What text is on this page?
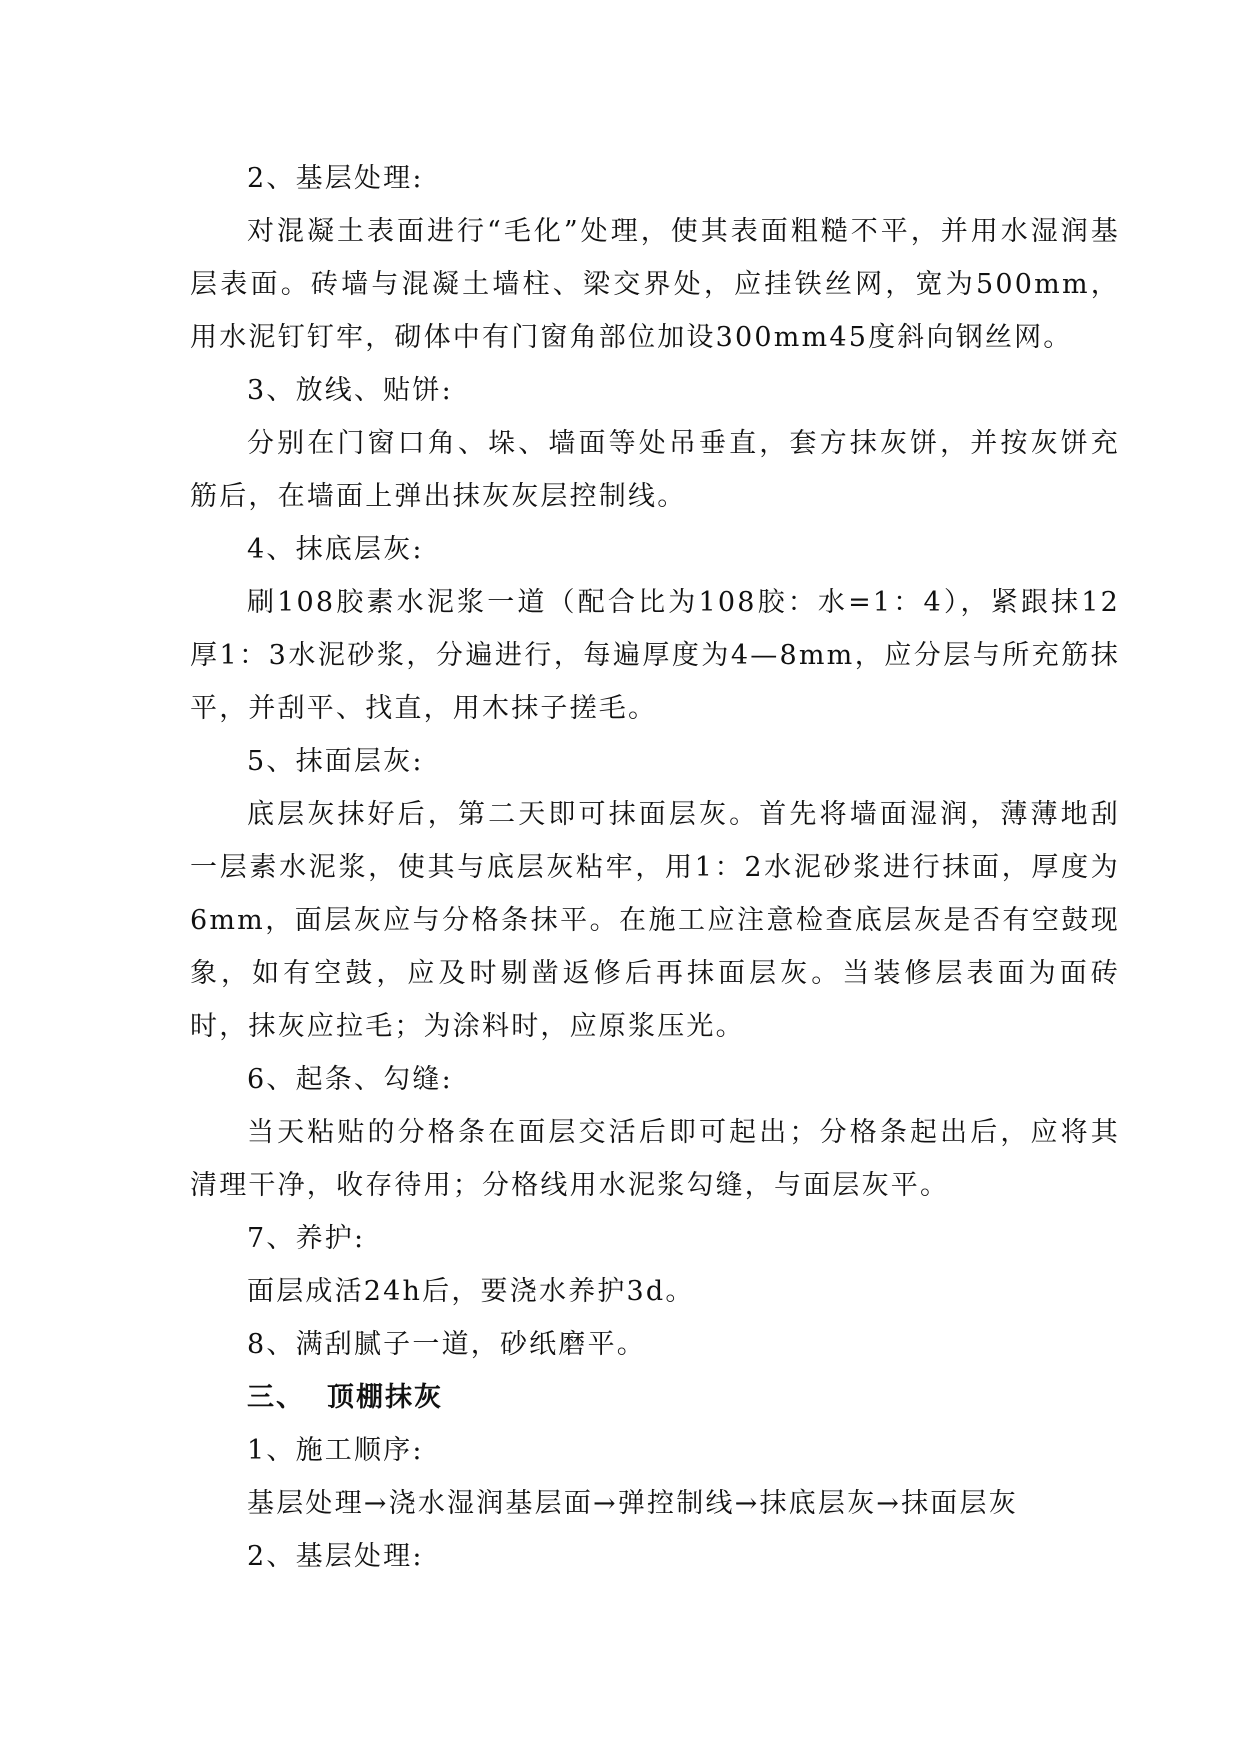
2、基层处理:

对混凝土表面进行“毛化”处理，使其表面粗糙不平，并用水湿润基层表面。砖墙与混凝土墙柱、梁交界处，应挂铁丝网，宽为500mm，用水泥钉钉牢，砌体中有门窗角部位加设300mm45度斜向钢丝网。

3、放线、贴饼:

分别在门窗口角、垛、墙面等处吊垂直，套方抹灰饼，并按灰饼充筋后，在墙面上弹出抹灰灰层控制线。

4、抹底层灰:

刷108胶素水泥浆一道（配合比为108胶：水=1：4），紧跟抹12厚1：3水泥砂浆，分遍进行，每遍厚度为4—8mm，应分层与所充筋抹平，并刮平、找直，用木抹子搓毛。

5、抹面层灰:

底层灰抹好后，第二天即可抹面层灰。首先将墙面湿润，薄薄地刮一层素水泥浆，使其与底层灰粘牢，用1：2水泥砂浆进行抹面，厚度为6mm，面层灰应与分格条抹平。在施工应注意检查底层灰是否有空鼓现象，如有空鼓，应及时剔凿返修后再抹面层灰。当装修层表面为面砖时，抹灰应拉毛；为涂料时，应原浆压光。

6、起条、勾缝:

当天粘贴的分格条在面层交活后即可起出；分格条起出后，应将其清理干净，收存待用；分格线用水泥浆勾缝，与面层灰平。

7、养护:

面层成活24h后，要浇水养护3d。

8、满刮腻子一道，砂纸磨平。

三、 顶棚抹灰

1、施工顺序:

基层处理→浇水湿润基层面→弹控制线→抹底层灰→抹面层灰

2、基层处理:
